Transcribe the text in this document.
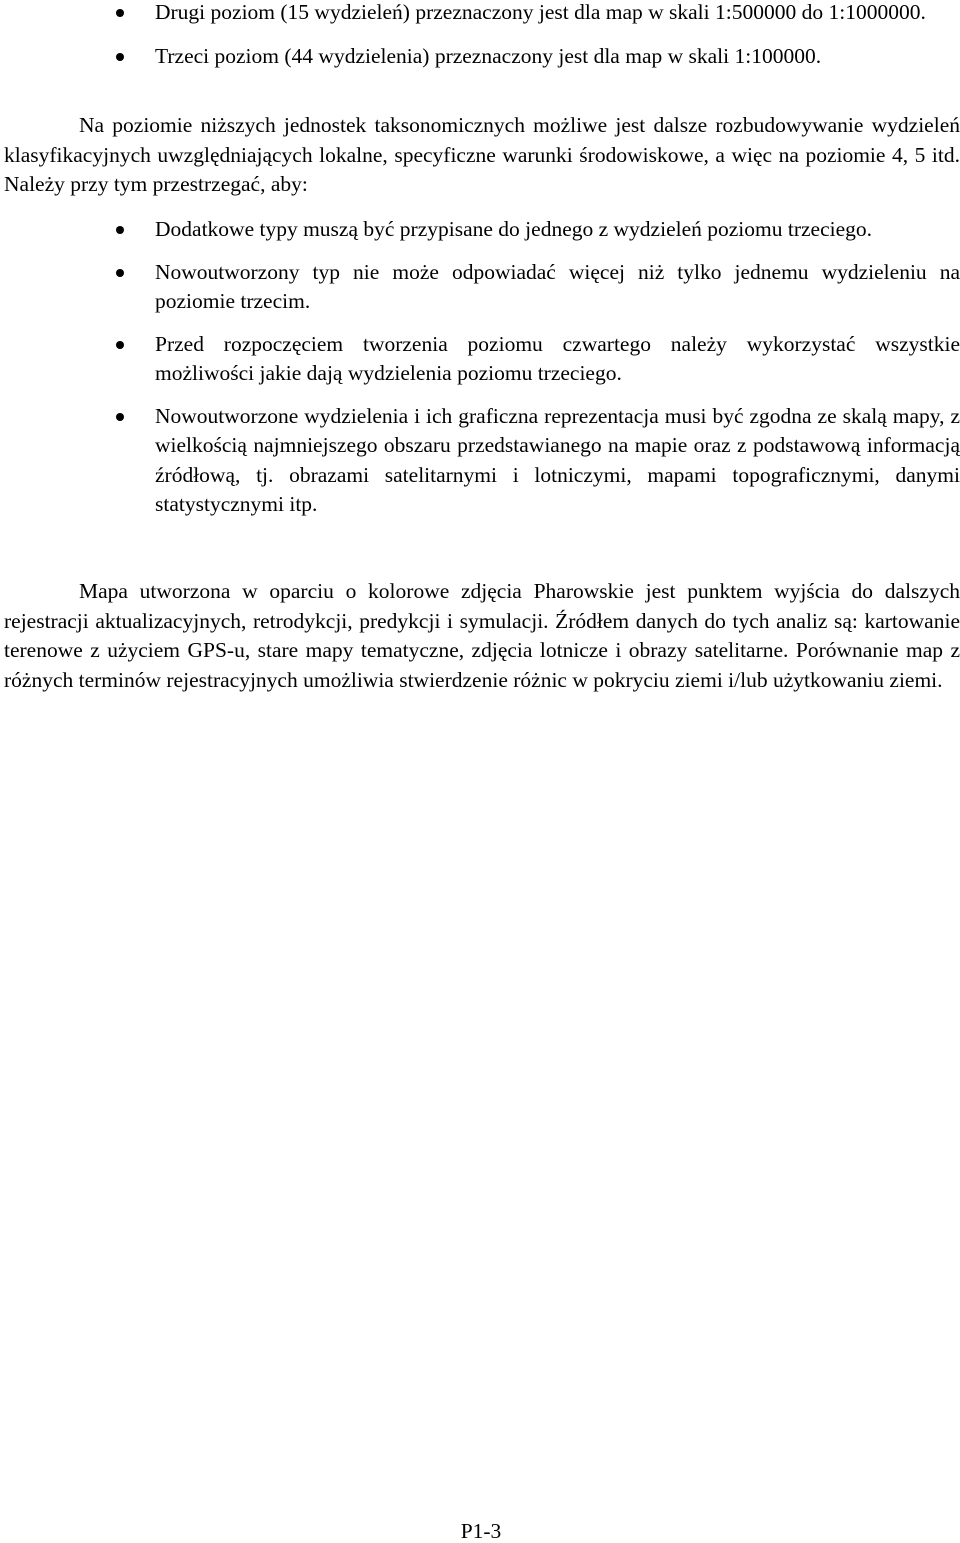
Drugi poziom (15 wydzieleń) przeznaczony jest dla map w skali 1:500000 do 1:1000000.
Trzeci poziom (44 wydzielenia) przeznaczony jest dla map w skali 1:100000.

Na poziomie niższych jednostek taksonomicznych możliwe jest dalsze rozbudowywanie wydzieleń klasyfikacyjnych uwzględniających lokalne, specyficzne warunki środowiskowe, a więc na poziomie 4, 5 itd. Należy przy tym przestrzegać, aby:

Dodatkowe typy muszą być przypisane do jednego z wydzieleń poziomu trzeciego.
Nowoutworzony typ nie może odpowiadać więcej niż tylko jednemu wydzieleniu na poziomie trzecim.
Przed rozpoczęciem tworzenia poziomu czwartego należy wykorzystać wszystkie możliwości jakie dają wydzielenia poziomu trzeciego.
Nowoutworzone wydzielenia i ich graficzna reprezentacja musi być zgodna ze skalą mapy, z wielkością najmniejszego obszaru przedstawianego na mapie oraz z podstawową informacją źródłową, tj. obrazami satelitarnymi i lotniczymi, mapami topograficznymi, danymi statystycznymi itp.

Mapa utworzona w oparciu o kolorowe zdjęcia Pharowskie jest punktem wyjścia do dalszych rejestracji aktualizacyjnych, retrodykcji, predykcji i symulacji. Źródłem danych do tych analiz są: kartowanie terenowe z użyciem GPS-u, stare mapy tematyczne, zdjęcia lotnicze i obrazy satelitarne. Porównanie map z różnych terminów rejestracyjnych umożliwia stwierdzenie różnic w pokryciu ziemi i/lub użytkowaniu ziemi.

P1-3
